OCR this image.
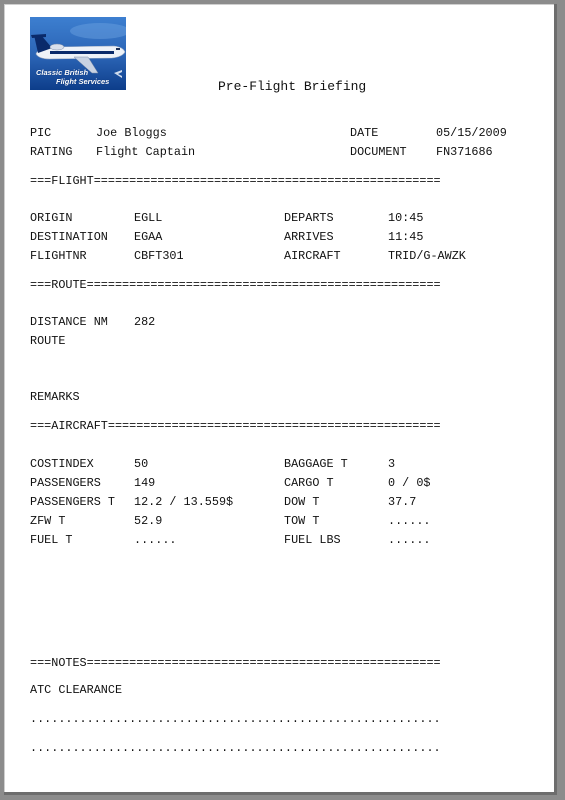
Classic British
Flight Services	Pre-Flight Briefing
PIC	Joe Bloggs	DATE	05/15/2009
RATING Flight Captain	DOCUMENT FN371686
===FLIGHT=================================================
ORIGIN	EGLL	DEPARTS	10:45
DESTINATION EGAA	ARRIVES	11:45
FLIGHTNR	CBFT301	AIRCRAFT	TRID/G-AWZK
===ROUTE==================================================
DISTANCE NM 282
ROUTE
REMARKS
===AIRCRAFT===============================================
COSTINDEX	50	BAGGAGE T	3
PASSENGERS	149	CARGO T	0 / 0$
PASSENGERS T 12.2 / 13.559$	DOW T	37.7
ZFW T	52.9	TOW T	......
FUEL T	......	FUEL LBS	......
===NOTES==================================================
ATC CLEARANCE
..........................................................
..........................................................
